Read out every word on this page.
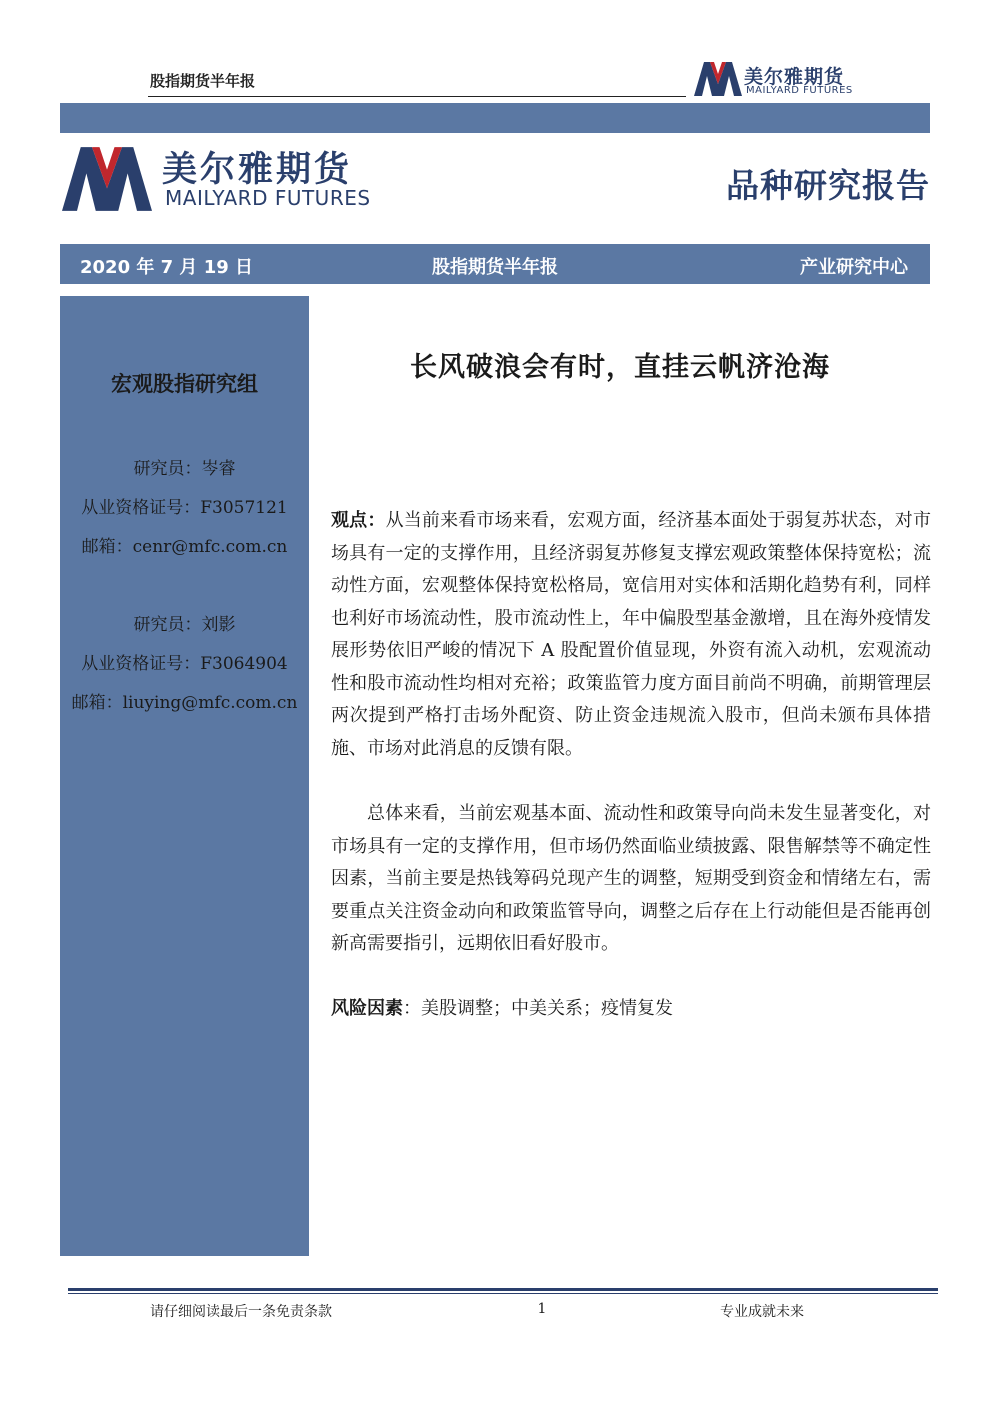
股指期货半年报	美尔雅期货
MAILYARD FUTURES
美尔雅期货
MAILYARD FUTURES	品种研究报告
2020 年 7 月 19 日	股指期货半年报	产业研究中心
宏观股指研究组
研究员：岑睿
从业资格证号：F3057121
邮箱：cenr@mfc.com.cn
研究员：刘影
从业资格证号：F3064904
邮箱：liuying@mfc.com.cn
长风破浪会有时，直挂云帆济沧海
观点：从当前来看市场来看，宏观方面，经济基本面处于弱复苏状态，对市场具有一定的支撑作用，且经济弱复苏修复支撑宏观政策整体保持宽松；流动性方面，宏观整体保持宽松格局，宽信用对实体和活期化趋势有利，同样也利好市场流动性，股市流动性上，年中偏股型基金激增，且在海外疫情发展形势依旧严峻的情况下 A 股配置价值显现，外资有流入动机，宏观流动性和股市流动性均相对充裕；政策监管力度方面目前尚不明确，前期管理层两次提到严格打击场外配资、防止资金违规流入股市，但尚未颁布具体措施、市场对此消息的反馈有限。
总体来看，当前宏观基本面、流动性和政策导向尚未发生显著变化，对市场具有一定的支撑作用，但市场仍然面临业绩披露、限售解禁等不确定性因素，当前主要是热钱筹码兑现产生的调整，短期受到资金和情绪左右，需要重点关注资金动向和政策监管导向，调整之后存在上行动能但是否能再创新高需要指引，远期依旧看好股市。
风险因素：美股调整；中美关系；疫情复发
请仔细阅读最后一条免责条款	1	专业成就未来
